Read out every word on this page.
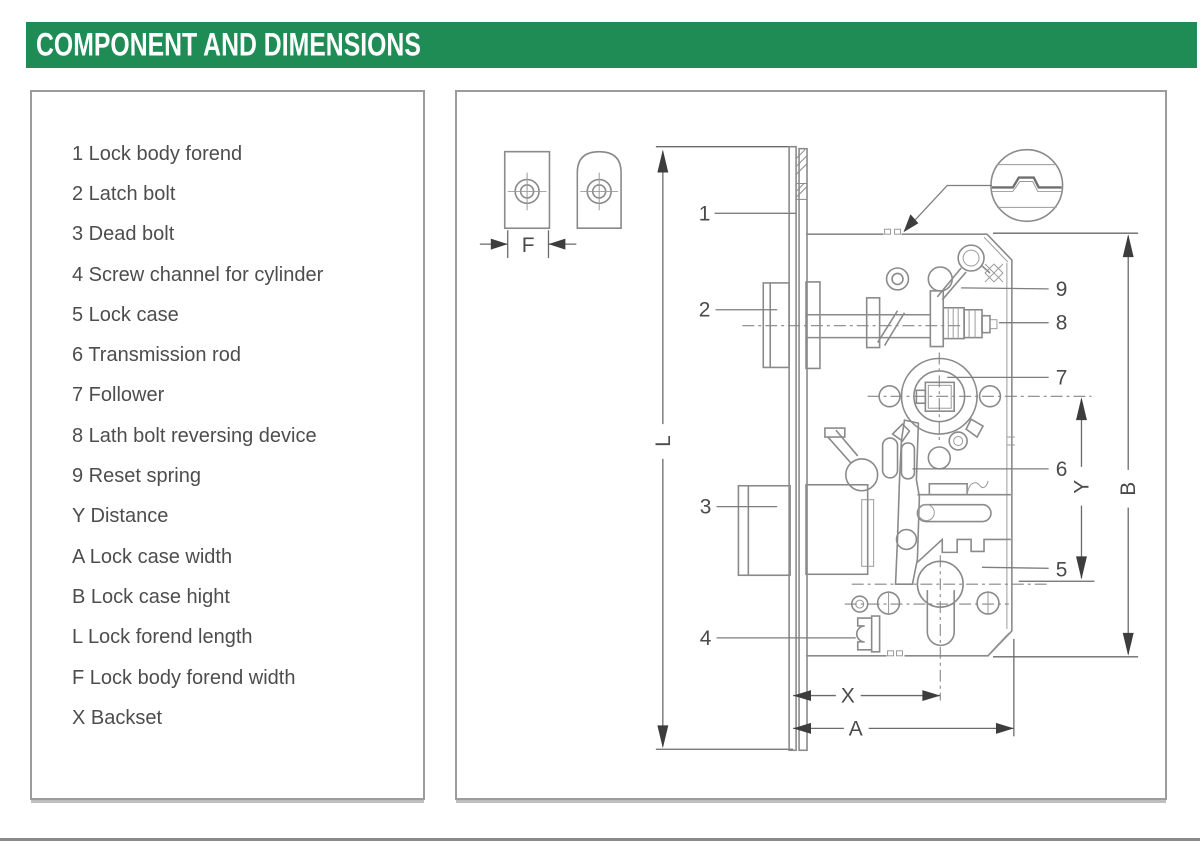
COMPONENT AND DIMENSIONS
1 Lock body forend
2 Latch bolt
3 Dead bolt
4 Screw channel for cylinder
5 Lock case
6 Transmission rod
7 Follower
8 Lath bolt reversing device
9 Reset spring
Y Distance
A Lock case width
B Lock case hight
L Lock forend length
F Lock body forend width
X Backset
F
L
1
2
3
4
5
6
7
8
9
B
Y
X
A
